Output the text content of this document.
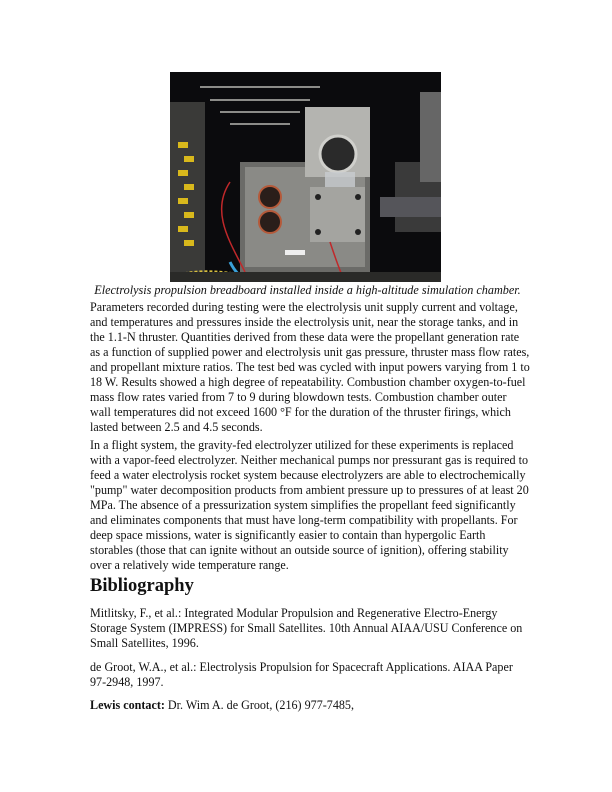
Electrolysis propulsion breadboard installed inside a high-altitude simulation chamber.

Parameters recorded during testing were the electrolysis unit supply current and voltage, and temperatures and pressures inside the electrolysis unit, near the storage tanks, and in the 1.1-N thruster. Quantities derived from these data were the propellant generation rate as a function of supplied power and electrolysis unit gas pressure, thruster mass flow rates, and propellant mixture ratios. The test bed was cycled with input powers varying from 1 to 18 W. Results showed a high degree of repeatability. Combustion chamber oxygen-to-fuel mass flow rates varied from 7 to 9 during blowdown tests. Combustion chamber outer wall temperatures did not exceed 1600 °F for the duration of the thruster firings, which lasted between 2.5 and 4.5 seconds.

In a flight system, the gravity-fed electrolyzer utilized for these experiments is replaced with a vapor-feed electrolyzer. Neither mechanical pumps nor pressurant gas is required to feed a water electrolysis rocket system because electrolyzers are able to electrochemically "pump" water decomposition products from ambient pressure up to pressures of at least 20 MPa. The absence of a pressurization system simplifies the propellant feed significantly and eliminates components that must have long-term compatibility with propellants. For deep space missions, water is significantly easier to contain than hypergolic Earth storables (those that can ignite without an outside source of ignition), offering stability over a relatively wide temperature range.

Bibliography

Mitlitsky, F., et al.: Integrated Modular Propulsion and Regenerative Electro-Energy Storage System (IMPRESS) for Small Satellites. 10th Annual AIAA/USU Conference on Small Satellites, 1996.

de Groot, W.A., et al.: Electrolysis Propulsion for Spacecraft Applications. AIAA Paper 97-2948, 1997.

Lewis contact: Dr. Wim A. de Groot, (216) 977-7485,
